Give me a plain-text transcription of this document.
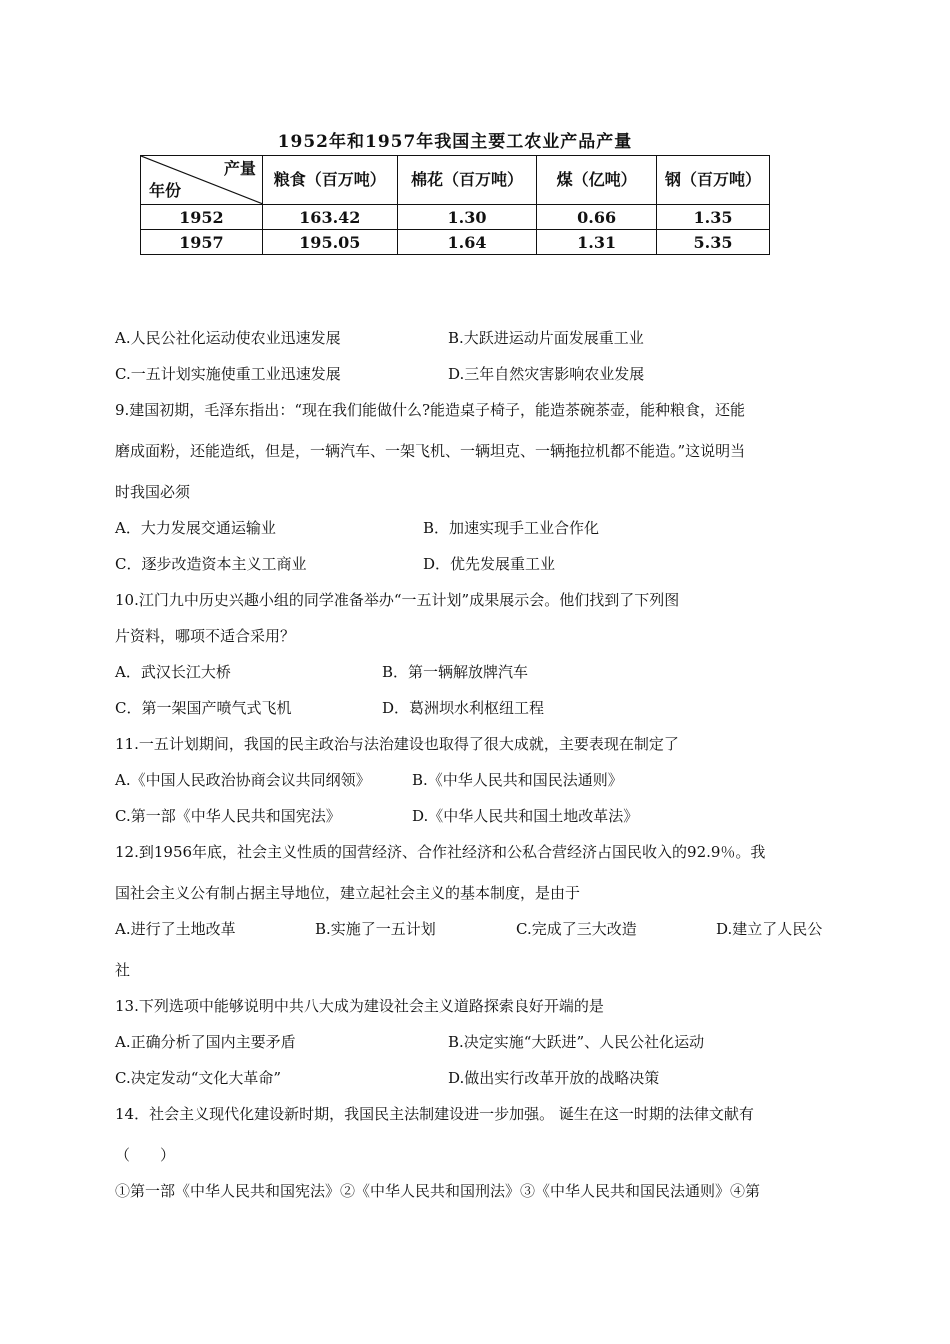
1952年和1957年我国主要工农业产品产量
产量
年份	粮食（百万吨）	棉花（百万吨）	煤（亿吨）	钢（百万吨）
1952	163.42	1.30	0.66	1.35
1957	195.05	1.64	1.31	5.35
A.人民公社化运动使农业迅速发展	B.大跃进运动片面发展重工业
C.一五计划实施使重工业迅速发展	D.三年自然灾害影响农业发展
9.建国初期，毛泽东指出：“现在我们能做什么?能造桌子椅子，能造茶碗茶壶，能种粮食，还能
磨成面粉，还能造纸，但是，一辆汽车、一架飞机、一辆坦克、一辆拖拉机都不能造。”这说明当
时我国必须
A．大力发展交通运输业	B．加速实现手工业合作化
C．逐步改造资本主义工商业	D．优先发展重工业
10.江门九中历史兴趣小组的同学准备举办“一五计划”成果展示会。他们找到了下列图
片资料，哪项不适合采用？
A．武汉长江大桥	B．第一辆解放牌汽车
C．第一架国产喷气式飞机	D．葛洲坝水利枢纽工程
11.一五计划期间，我国的民主政治与法治建设也取得了很大成就，主要表现在制定了
A.《中国人民政治协商会议共同纲领》	B.《中华人民共和国民法通则》
C.第一部《中华人民共和国宪法》	D.《中华人民共和国土地改革法》
12.到1956年底，社会主义性质的国营经济、合作社经济和公私合营经济占国民收入的92.9％。我
国社会主义公有制占据主导地位，建立起社会主义的基本制度，是由于
A.进行了土地改革	B.实施了一五计划	C.完成了三大改造	D.建立了人民公
社
13.下列选项中能够说明中共八大成为建设社会主义道路探索良好开端的是
A.正确分析了国内主要矛盾	B.决定实施“大跃进”、人民公社化运动
C.决定发动“文化大革命”	D.做出实行改革开放的战略决策
14．社会主义现代化建设新时期，我国民主法制建设进一步加强。 诞生在这一时期的法律文献有
（　　）
①第一部《中华人民共和国宪法》②《中华人民共和国刑法》③《中华人民共和国民法通则》④第
